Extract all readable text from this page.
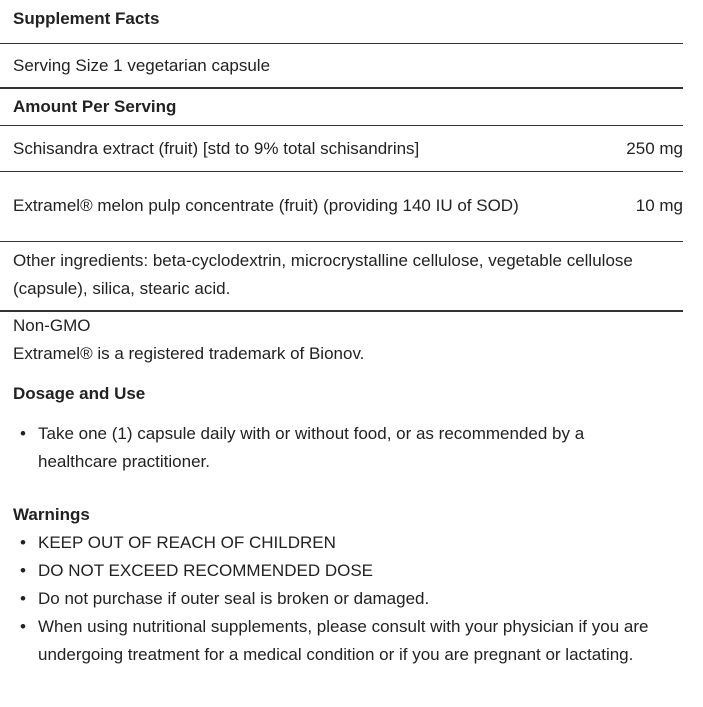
Supplement Facts
Serving Size 1 vegetarian capsule
Amount Per Serving
Schisandra extract (fruit) [std to 9% total schisandrins]	250 mg
Extramel® melon pulp concentrate (fruit) (providing 140 IU of SOD)	10 mg
Other ingredients: beta-cyclodextrin, microcrystalline cellulose, vegetable cellulose (capsule), silica, stearic acid.
Non-GMO
Extramel® is a registered trademark of Bionov.
Dosage and Use
• Take one (1) capsule daily with or without food, or as recommended by a healthcare practitioner.
Warnings
• KEEP OUT OF REACH OF CHILDREN
• DO NOT EXCEED RECOMMENDED DOSE
• Do not purchase if outer seal is broken or damaged.
• When using nutritional supplements, please consult with your physician if you are undergoing treatment for a medical condition or if you are pregnant or lactating.
